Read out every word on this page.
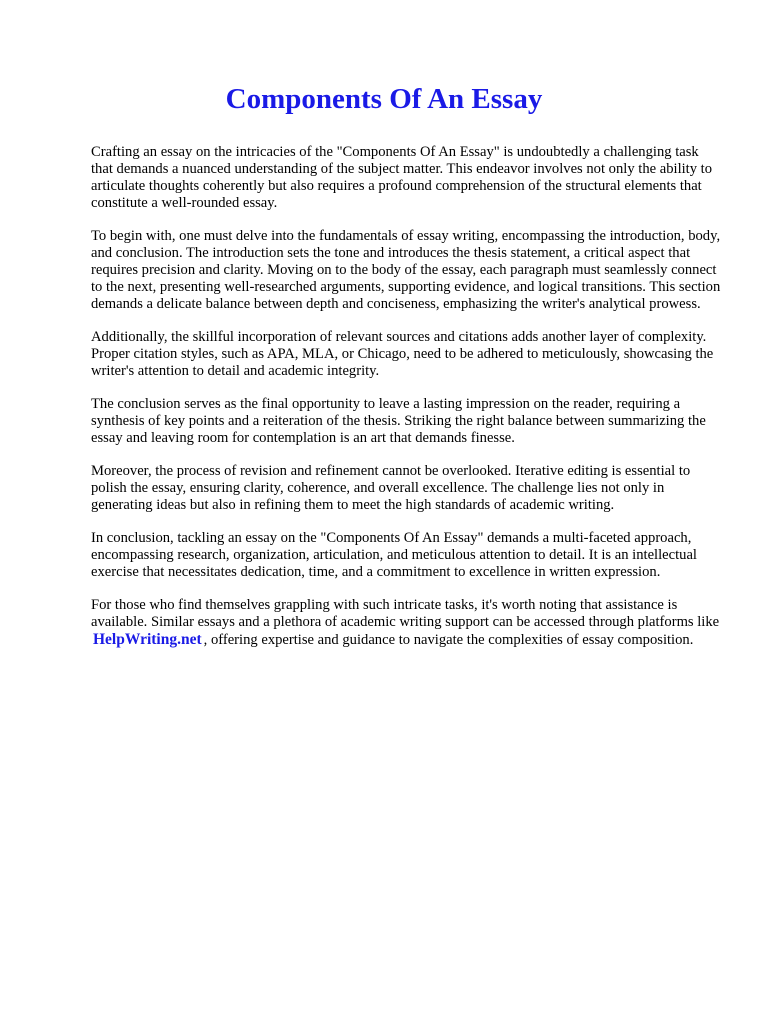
Components Of An Essay

Crafting an essay on the intricacies of the "Components Of An Essay" is undoubtedly a challenging task that demands a nuanced understanding of the subject matter. This endeavor involves not only the ability to articulate thoughts coherently but also requires a profound comprehension of the structural elements that constitute a well-rounded essay.

To begin with, one must delve into the fundamentals of essay writing, encompassing the introduction, body, and conclusion. The introduction sets the tone and introduces the thesis statement, a critical aspect that requires precision and clarity. Moving on to the body of the essay, each paragraph must seamlessly connect to the next, presenting well-researched arguments, supporting evidence, and logical transitions. This section demands a delicate balance between depth and conciseness, emphasizing the writer's analytical prowess.

Additionally, the skillful incorporation of relevant sources and citations adds another layer of complexity. Proper citation styles, such as APA, MLA, or Chicago, need to be adhered to meticulously, showcasing the writer's attention to detail and academic integrity.

The conclusion serves as the final opportunity to leave a lasting impression on the reader, requiring a synthesis of key points and a reiteration of the thesis. Striking the right balance between summarizing the essay and leaving room for contemplation is an art that demands finesse.

Moreover, the process of revision and refinement cannot be overlooked. Iterative editing is essential to polish the essay, ensuring clarity, coherence, and overall excellence. The challenge lies not only in generating ideas but also in refining them to meet the high standards of academic writing.

In conclusion, tackling an essay on the "Components Of An Essay" demands a multi-faceted approach, encompassing research, organization, articulation, and meticulous attention to detail. It is an intellectual exercise that necessitates dedication, time, and a commitment to excellence in written expression.

For those who find themselves grappling with such intricate tasks, it's worth noting that assistance is available. Similar essays and a plethora of academic writing support can be accessed through platforms like HelpWriting.net , offering expertise and guidance to navigate the complexities of essay composition.
